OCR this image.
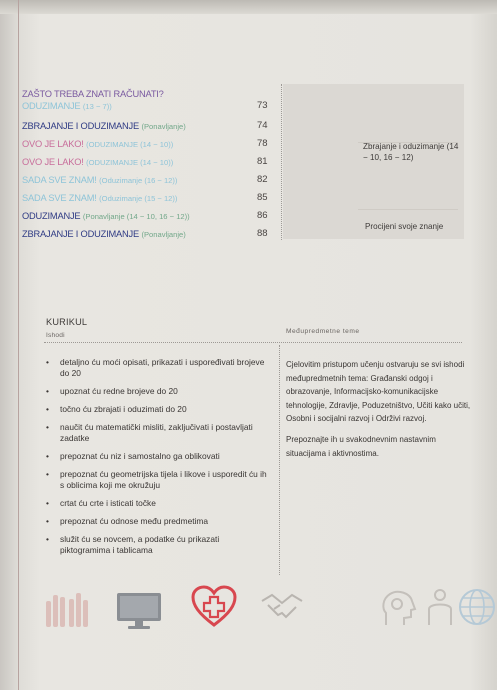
ZAŠTO TREBA ZNATI RAČUNATI?
ODUZIMANJE (13 − 7))	73
ZBRAJANJE I ODUZIMANJE (Ponavljanje)	74
OVO JE LAKO! (ODUZIMANJE (14 − 10))	78
OVO JE LAKO! (ODUZIMANJE (14 − 10))	81
SADA SVE ZNAM! (Oduzimanje (16 − 12))	82
SADA SVE ZNAM! (Oduzimanje (15 − 12))	85
ODUZIMANJE (Ponavljanje (14 − 10, 16 − 12))	86
ZBRAJANJE I ODUZIMANJE (Ponavljanje)	88
Zbrajanje i oduzimanje (14 − 10, 16 − 12)
Procijeni svoje znanje
KURIKUL
Ishodi
Međupredmetne teme
• detaljno ću moći opisati, prikazati i uspoređivati brojeve do 20
• upoznat ću redne brojeve do 20
• točno ću zbrajati i oduzimati do 20
• naučit ću matematički misliti, zaključivati i postavljati zadatke
• prepoznat ću niz i samostalno ga oblikovati
• prepoznat ću geometrijska tijela i likove i usporedit ću ih s oblicima koji me okružuju
• crtat ću crte i isticati točke
• prepoznat ću odnose među predmetima
• služit ću se novcem, a podatke ću prikazati piktogramima i tablicama

Cjelovitim pristupom učenju ostvaruju se svi ishodi međupredmetnih tema: Građanski odgoj i obrazovanje, Informacijsko-komunikacijske tehnologije, Zdravlje, Poduzetništvo, Učiti kako učiti, Osobni i socijalni razvoj i Održivi razvoj.

Prepoznajte ih u svakodnevnim nastavnim situacijama i aktivnostima.
